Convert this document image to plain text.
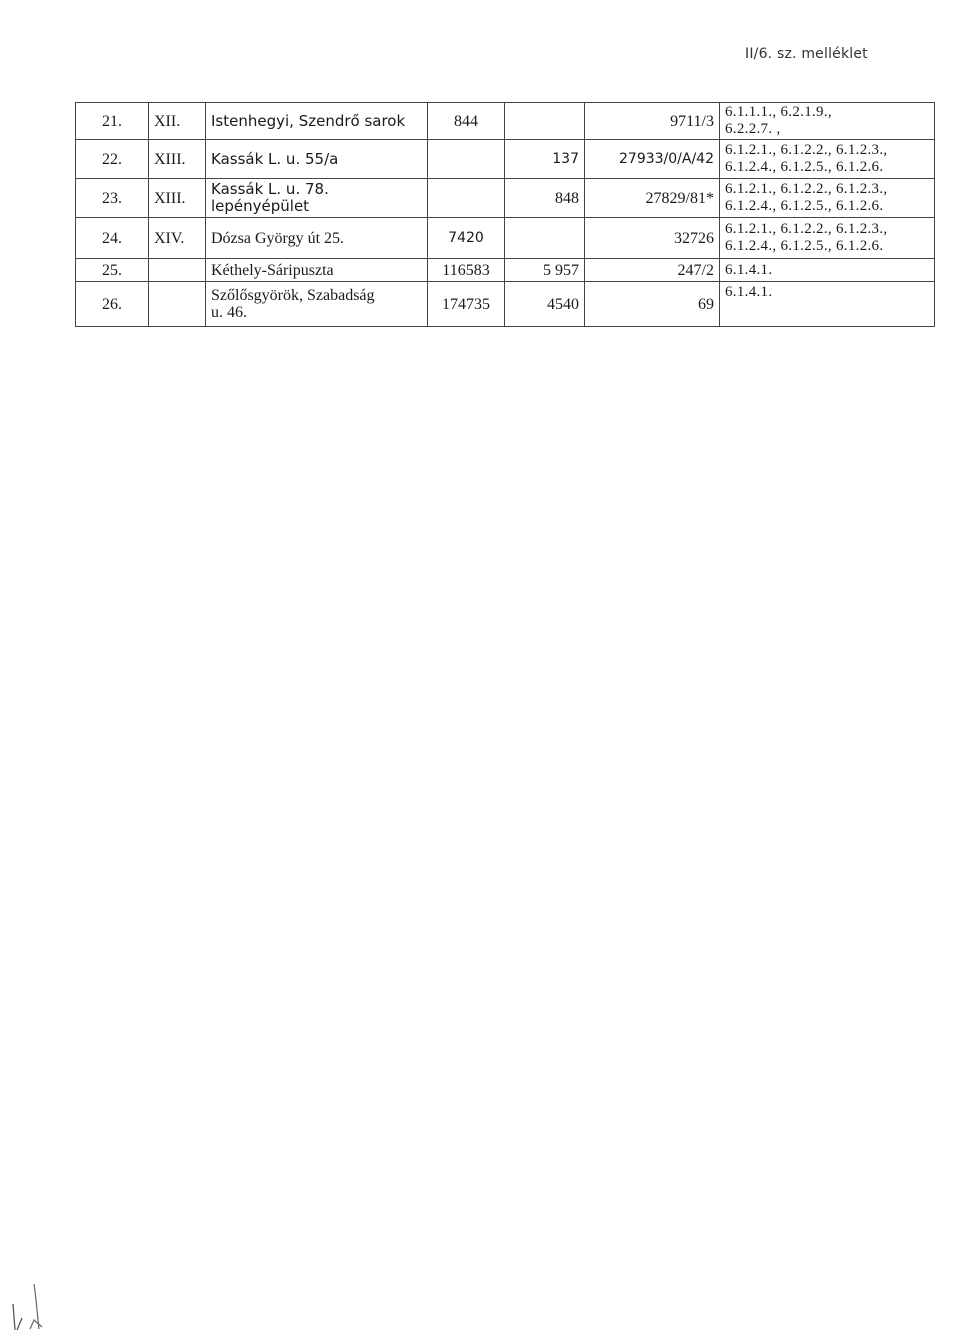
II/6. sz. melléklet
21.	XII.	Istenhegyi, Szendrő sarok	844		9711/3	6.1.1.1., 6.2.1.9.,
6.2.2.7. ,

22.	XIII.	Kassák L. u. 55/a		137	27933/0/A/42	6.1.2.1., 6.1.2.2., 6.1.2.3.,
6.1.2.4., 6.1.2.5., 6.1.2.6.

23.	XIII.	Kassák L. u. 78.
lepényépület		848	27829/81*	6.1.2.1., 6.1.2.2., 6.1.2.3.,
6.1.2.4., 6.1.2.5., 6.1.2.6.

24.	XIV.	Dózsa György út 25.	7420		32726	6.1.2.1., 6.1.2.2., 6.1.2.3.,
6.1.2.4., 6.1.2.5., 6.1.2.6.

25.		Kéthely-Sáripuszta	116583	5 957	247/2	6.1.4.1.

26.		Szőlősgyörök, Szabadság
u. 46.	174735	4540	69	6.1.4.1.
